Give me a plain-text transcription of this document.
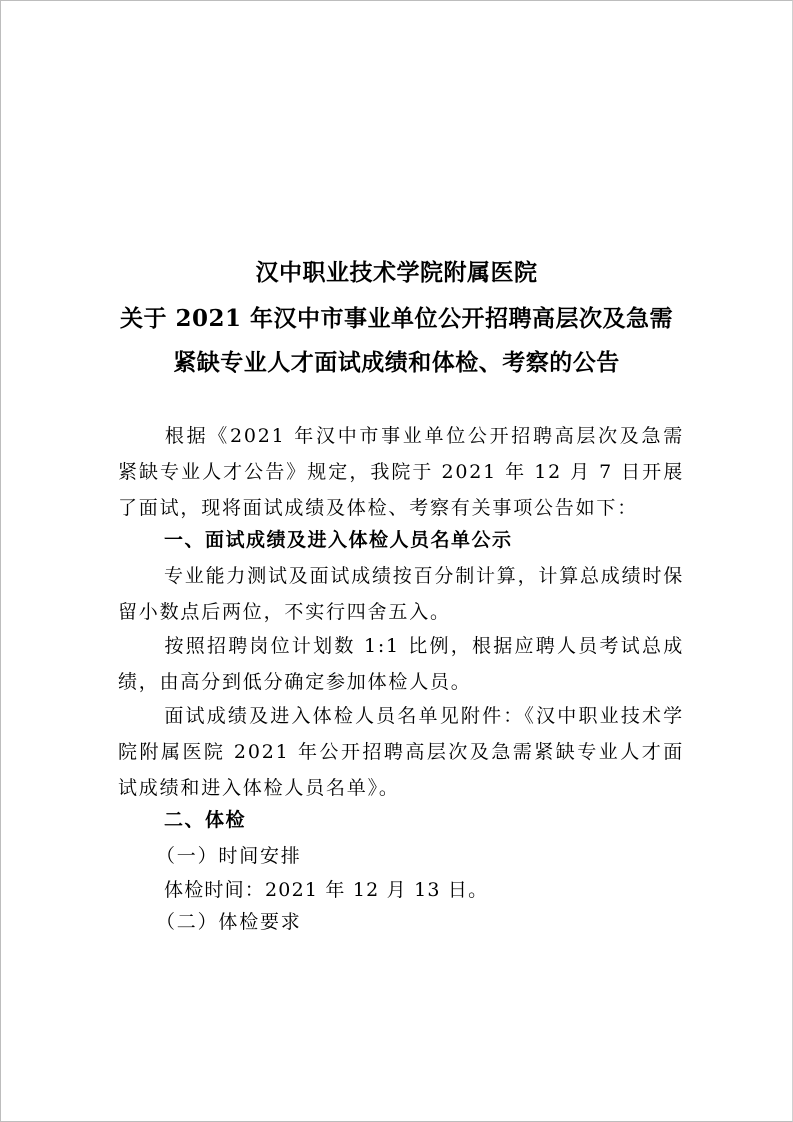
汉中职业技术学院附属医院
关于 2021 年汉中市事业单位公开招聘高层次及急需
紧缺专业人才面试成绩和体检、考察的公告
根据《2021 年汉中市事业单位公开招聘高层次及急需紧缺专业人才公告》规定，我院于 2021 年 12 月 7 日开展了面试，现将面试成绩及体检、考察有关事项公告如下：
一、面试成绩及进入体检人员名单公示
专业能力测试及面试成绩按百分制计算，计算总成绩时保留小数点后两位，不实行四舍五入。
按照招聘岗位计划数 1:1 比例，根据应聘人员考试总成绩，由高分到低分确定参加体检人员。
面试成绩及进入体检人员名单见附件：《汉中职业技术学院附属医院 2021 年公开招聘高层次及急需紧缺专业人才面试成绩和进入体检人员名单》。
二、体检
（一）时间安排
体检时间：2021 年 12 月 13 日。
（二）体检要求
